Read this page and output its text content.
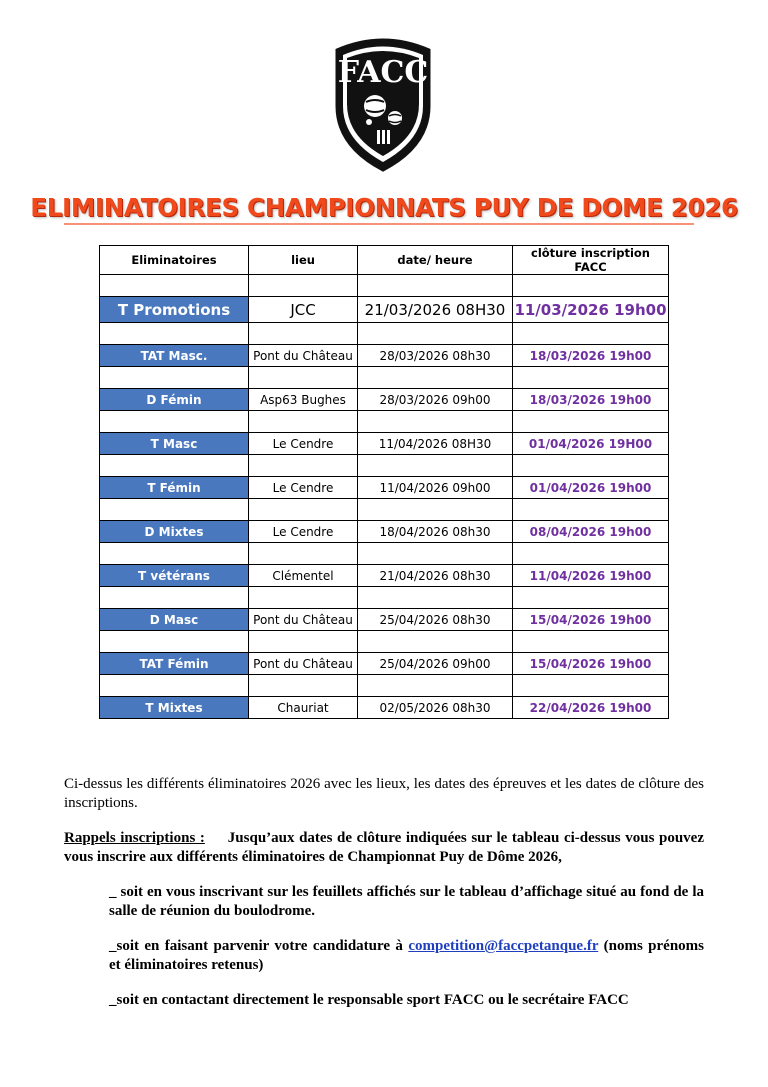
FACC
ELIMINATOIRES CHAMPIONNATS PUY DE DOME 2026
Eliminatoires	lieu	date/ heure	clôture inscription FACC

T Promotions	JCC	21/03/2026 08H30	11/03/2026 19h00

TAT Masc.	Pont du Château	28/03/2026 08h30	18/03/2026 19h00

D Fémin	Asp63 Bughes	28/03/2026 09h00	18/03/2026 19h00

T Masc	Le Cendre	11/04/2026 08H30	01/04/2026 19H00

T Fémin	Le Cendre	11/04/2026 09h00	01/04/2026 19h00

D Mixtes	Le Cendre	18/04/2026 08h30	08/04/2026 19h00

T vétérans	Clémentel	21/04/2026 08h30	11/04/2026 19h00

D Masc	Pont du Château	25/04/2026 08h30	15/04/2026 19h00

TAT Fémin	Pont du Château	25/04/2026 09h00	15/04/2026 19h00

T Mixtes	Chauriat	02/05/2026 08h30	22/04/2026 19h00
Ci-dessus les différents éliminatoires 2026 avec les lieux, les dates des épreuves et les dates de clôture des inscriptions.
Rappels inscriptions : Jusqu’aux dates de clôture indiquées sur le tableau ci-dessus vous pouvez vous inscrire aux différents éliminatoires de Championnat Puy de Dôme 2026,
_ soit en vous inscrivant sur les feuillets affichés sur le tableau d’affichage situé au fond de la salle de réunion du boulodrome.
_soit en faisant parvenir votre candidature à competition@faccpetanque.fr (noms prénoms et éliminatoires retenus)
_soit en contactant directement le responsable sport FACC ou le secrétaire FACC
